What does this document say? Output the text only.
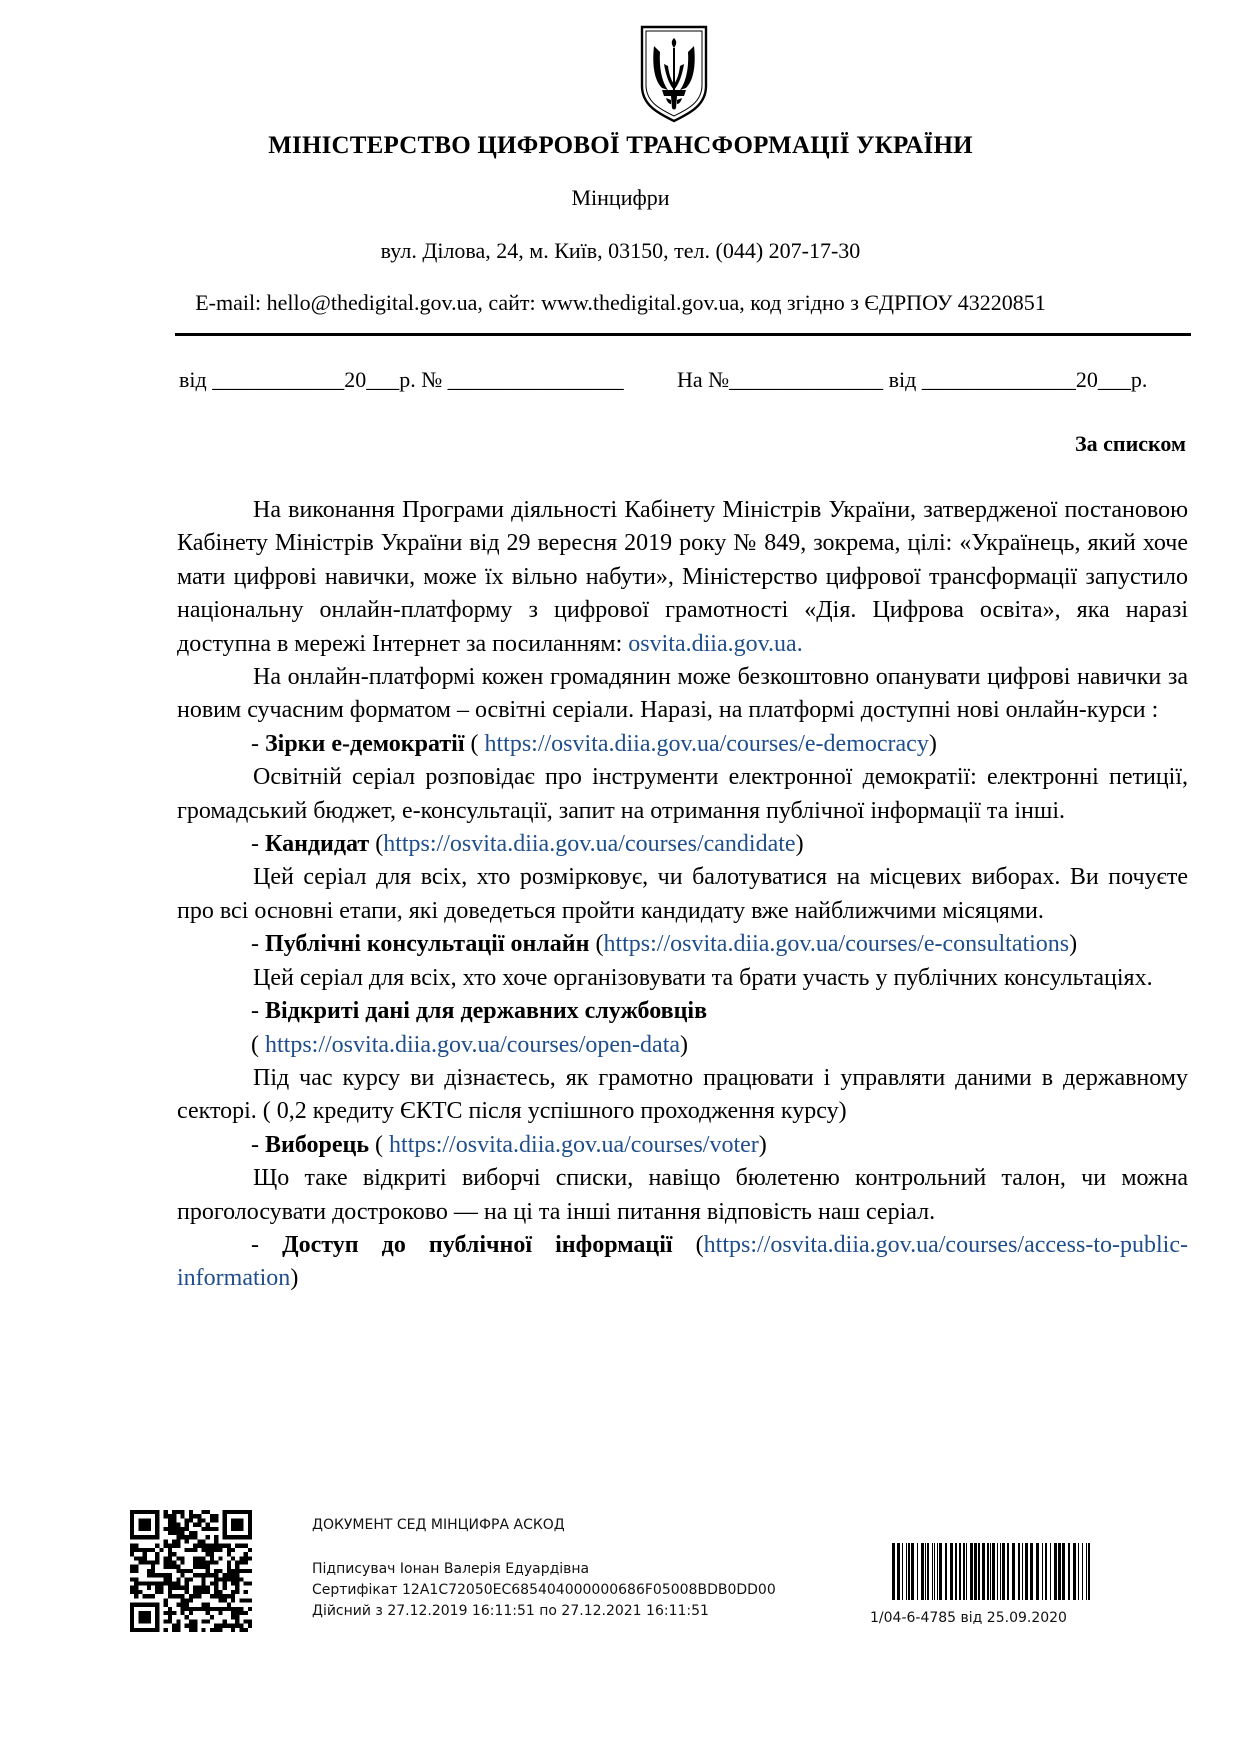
МІНІСТЕРСТВО ЦИФРОВОЇ ТРАНСФОРМАЦІЇ УКРАЇНИ
Мінцифри
вул. Ділова, 24, м. Київ, 03150, тел. (044) 207-17-30
E-mail: hello@thedigital.gov.ua, сайт: www.thedigital.gov.ua, код згідно з ЄДРПОУ 43220851
від ____________20___р. № ________________ На №______________ від ______________20___р.
За списком

На виконання Програми діяльності Кабінету Міністрів України, затвердженої постановою Кабінету Міністрів України від 29 вересня 2019 року № 849, зокрема, цілі: «Українець, який хоче мати цифрові навички, може їх вільно набути», Міністерство цифрової трансформації запустило національну онлайн-платформу з цифрової грамотності «Дія. Цифрова освіта», яка наразі доступна в мережі Інтернет за посиланням: osvita.diia.gov.ua.

На онлайн-платформі кожен громадянин може безкоштовно опанувати цифрові навички за новим сучасним форматом – освітні серіали. Наразі, на платформі доступні нові онлайн-курси :

- Зірки е-демократії ( https://osvita.diia.gov.ua/courses/e-democracy)

Освітній серіал розповідає про інструменти електронної демократії: електронні петиції, громадський бюджет, е-консультації, запит на отримання публічної інформації та інші.

- Кандидат (https://osvita.diia.gov.ua/courses/candidate)

Цей серіал для всіх, хто розмірковує, чи балотуватися на місцевих виборах. Ви почуєте про всі основні етапи, які доведеться пройти кандидату вже найближчими місяцями.

- Публічні консультації онлайн (https://osvita.diia.gov.ua/courses/e-consultations)

Цей серіал для всіх, хто хоче організовувати та брати участь у публічних консультаціях.

- Відкриті дані для державних службовців

( https://osvita.diia.gov.ua/courses/open-data)

Під час курсу ви дізнаєтесь, як грамотно працювати і управляти даними в державному секторі. ( 0,2 кредиту ЄКТС після успішного проходження курсу)

- Виборець ( https://osvita.diia.gov.ua/courses/voter)

Що таке відкриті виборчі списки, навіщо бюлетеню контрольний талон, чи можна проголосувати достроково — на ці та інші питання відповість наш серіал.

- Доступ до публічної інформації (https://osvita.diia.gov.ua/courses/access-to-public-information)

ДОКУМЕНТ СЕД МІНЦИФРА АСКОД
Підписувач Іонан Валерія Едуардівна
Сертифікат 12A1C72050EC685404000000686F05008BDB0DD00
Дійсний з 27.12.2019 16:11:51 по 27.12.2021 16:11:51	1/04-6-4785 від 25.09.2020
